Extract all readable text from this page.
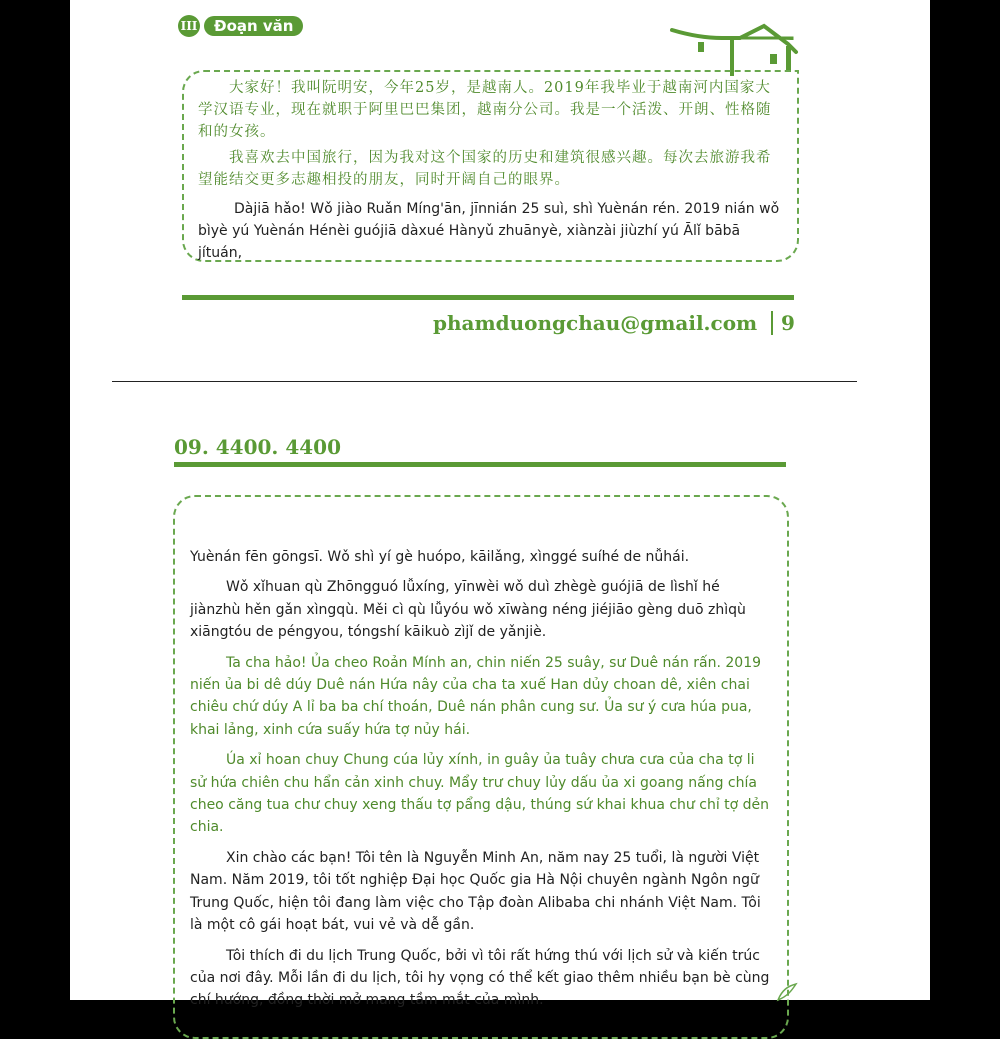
III	Đoạn văn

　　大家好！我叫阮明安，今年25岁，是越南人。2019年我毕业于越南河内国家大学汉语专业，现在就职于阿里巴巴集团，越南分公司。我是一个活泼、开朗、性格随和的女孩。

　　我喜欢去中国旅行，因为我对这个国家的历史和建筑很感兴趣。每次去旅游我希望能结交更多志趣相投的朋友，同时开阔自己的眼界。

Dàjiā hǎo! Wǒ jiào Ruǎn Míng'ān, jīnnián 25 suì, shì Yuènán rén. 2019 nián wǒ bìyè yú Yuènán Hénèi guójiā dàxué Hànyǔ zhuānyè, xiànzài jiùzhí yú Ālǐ bābā jítuán,

phamduongchau@gmail.com 9
09. 4400. 4400

Yuènán fēn gōngsī. Wǒ shì yí gè huópo, kāilǎng, xìnggé suíhé de nǚhái.

Wǒ xǐhuan qù Zhōngguó lǚxíng, yīnwèi wǒ duì zhègè guójiā de lìshǐ hé jiànzhù hěn gǎn xìngqù. Měi cì qù lǚyóu wǒ xīwàng néng jiéjiāo gèng duō zhìqù xiāngtóu de péngyou, tóngshí kāikuò zìjǐ de yǎnjiè.

Ta cha hảo! Ủa cheo Roản Mính an, chin niến 25 suây, sư Duê nán rấn. 2019 niến ủa bi dê dúy Duê nán Hứa nây của cha ta xuế Han dủy choan dê, xiên chai chiêu chứ dúy A lỉ ba ba chí thoán, Duê nán phân cung sư. Ủa sư ý cưa húa pua, khai lảng, xinh cứa suấy hứa tợ nủy hái.

Úa xỉ hoan chuy Chung cúa lủy xính, in guây ủa tuây chưa cưa của cha tợ li sử hứa chiên chu hẩn cản xinh chuy. Mẩy trư chuy lủy dấu ủa xi goang nấng chía cheo căng tua chư chuy xeng thấu tợ pẩng dậu, thúng sứ khai khua chư chỉ tợ dẻn chia.

Xin chào các bạn! Tôi tên là Nguyễn Minh An, năm nay 25 tuổi, là người Việt Nam. Năm 2019, tôi tốt nghiệp Đại học Quốc gia Hà Nội chuyên ngành Ngôn ngữ Trung Quốc, hiện tôi đang làm việc cho Tập đoàn Alibaba chi nhánh Việt Nam. Tôi là một cô gái hoạt bát, vui vẻ và dễ gần.

Tôi thích đi du lịch Trung Quốc, bởi vì tôi rất hứng thú với lịch sử và kiến trúc của nơi đây. Mỗi lần đi du lịch, tôi hy vọng có thể kết giao thêm nhiều bạn bè cùng chí hướng, đồng thời mở mang tầm mắt của mình.
